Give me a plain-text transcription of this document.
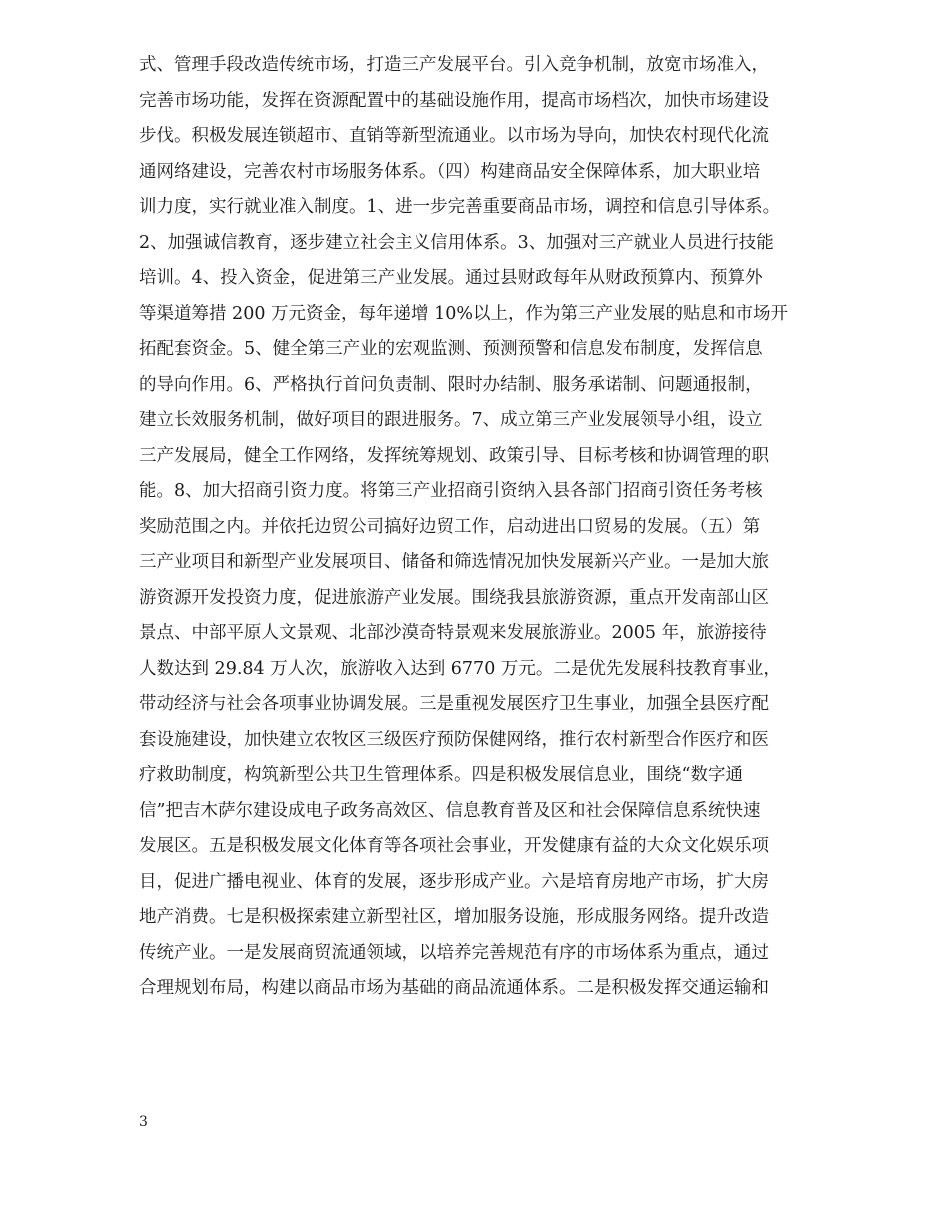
式、管理手段改造传统市场，打造三产发展平台。引入竞争机制，放宽市场准入，
完善市场功能，发挥在资源配置中的基础设施作用，提高市场档次，加快市场建设
步伐。积极发展连锁超市、直销等新型流通业。以市场为导向，加快农村现代化流
通网络建设，完善农村市场服务体系。（四）构建商品安全保障体系，加大职业培
训力度，实行就业准入制度。1、进一步完善重要商品市场，调控和信息引导体系。
2、加强诚信教育，逐步建立社会主义信用体系。3、加强对三产就业人员进行技能
培训。4、投入资金，促进第三产业发展。通过县财政每年从财政预算内、预算外
等渠道筹措 200 万元资金，每年递增 10%以上，作为第三产业发展的贴息和市场开
拓配套资金。5、健全第三产业的宏观监测、预测预警和信息发布制度，发挥信息
的导向作用。6、严格执行首问负责制、限时办结制、服务承诺制、问题通报制，
建立长效服务机制，做好项目的跟进服务。7、成立第三产业发展领导小组，设立
三产发展局，健全工作网络，发挥统筹规划、政策引导、目标考核和协调管理的职
能。8、加大招商引资力度。将第三产业招商引资纳入县各部门招商引资任务考核
奖励范围之内。并依托边贸公司搞好边贸工作，启动进出口贸易的发展。（五）第
三产业项目和新型产业发展项目、储备和筛选情况加快发展新兴产业。一是加大旅
游资源开发投资力度，促进旅游产业发展。围绕我县旅游资源，重点开发南部山区
景点、中部平原人文景观、北部沙漠奇特景观来发展旅游业。2005 年，旅游接待
人数达到 29.84 万人次，旅游收入达到 6770 万元。二是优先发展科技教育事业，
带动经济与社会各项事业协调发展。三是重视发展医疗卫生事业，加强全县医疗配
套设施建设，加快建立农牧区三级医疗预防保健网络，推行农村新型合作医疗和医
疗救助制度，构筑新型公共卫生管理体系。四是积极发展信息业，围绕“数字通
信”把吉木萨尔建设成电子政务高效区、信息教育普及区和社会保障信息系统快速
发展区。五是积极发展文化体育等各项社会事业，开发健康有益的大众文化娱乐项
目，促进广播电视业、体育的发展，逐步形成产业。六是培育房地产市场，扩大房
地产消费。七是积极探索建立新型社区，增加服务设施，形成服务网络。提升改造
传统产业。一是发展商贸流通领域，以培养完善规范有序的市场体系为重点，通过
合理规划布局，构建以商品市场为基础的商品流通体系。二是积极发挥交通运输和
3
